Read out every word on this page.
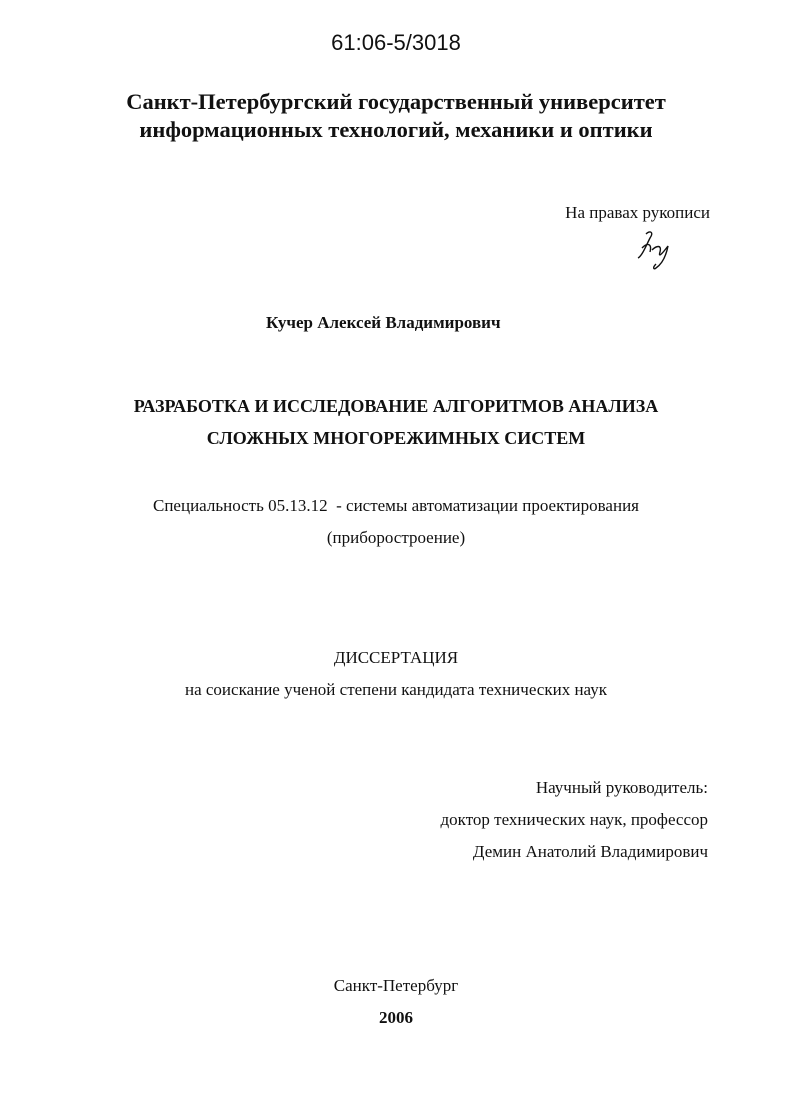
61:06-5/3018
Санкт-Петербургский государственный университет
информационных технологий, механики и оптики
На правах рукописи
Кучер Алексей Владимирович
РАЗРАБОТКА И ИССЛЕДОВАНИЕ АЛГОРИТМОВ АНАЛИЗА
СЛОЖНЫХ МНОГОРЕЖИМНЫХ СИСТЕМ
Специальность 05.13.12  - системы автоматизации проектирования
(приборостроение)
ДИССЕРТАЦИЯ
на соискание ученой степени кандидата технических наук
Научный руководитель:
доктор технических наук, профессор
Демин Анатолий Владимирович
Санкт-Петербург
2006
